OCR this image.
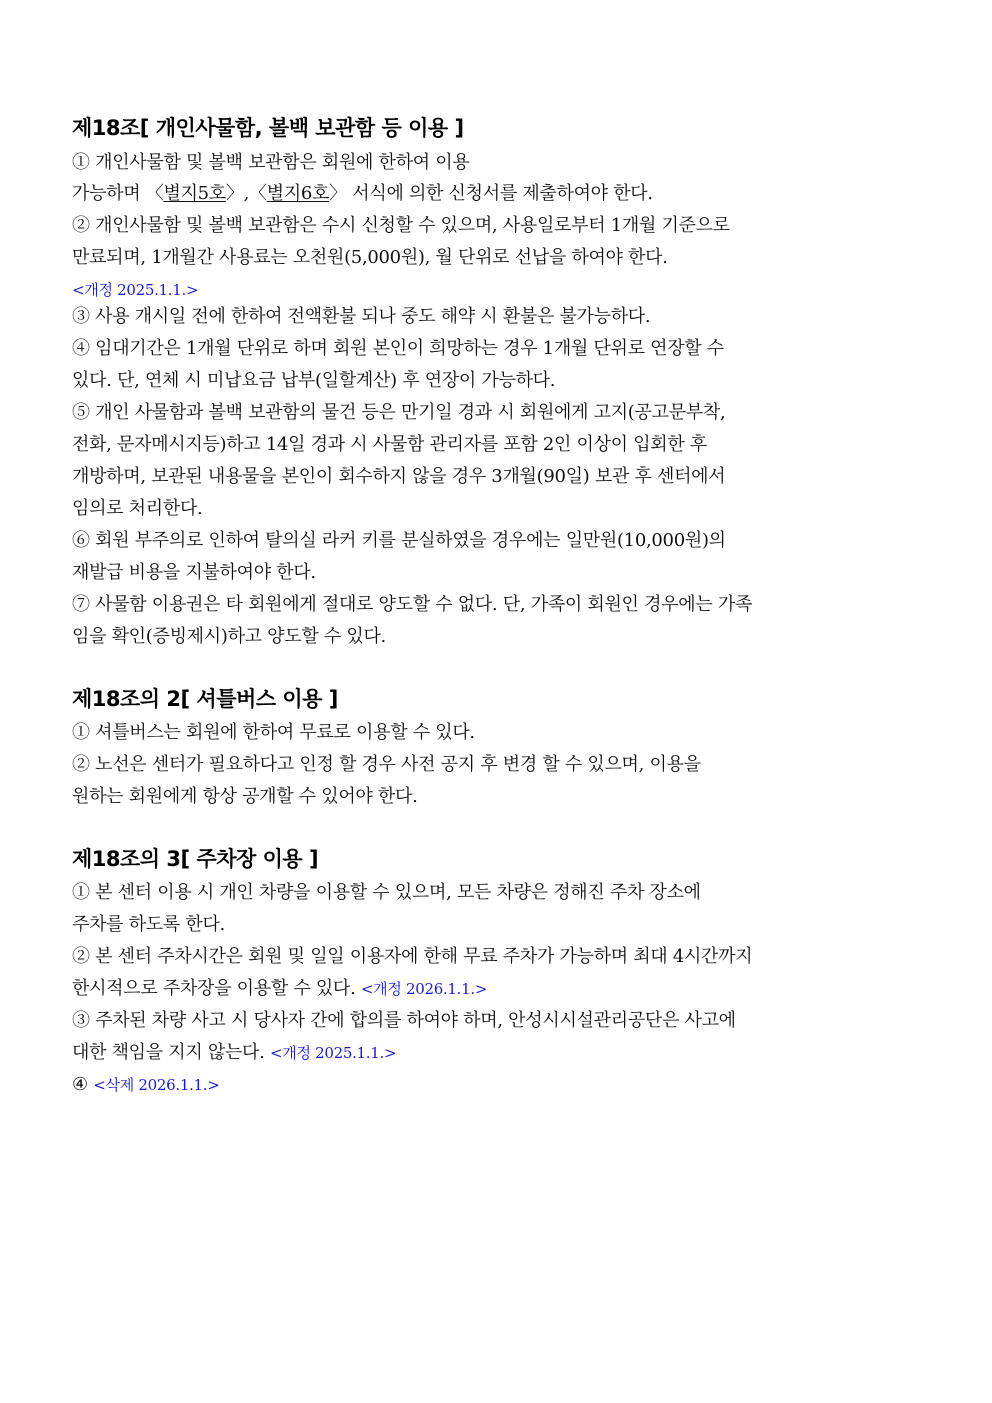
제18조[ 개인사물함, 볼백 보관함 등 이용 ]

① 개인사물함 및 볼백 보관함은 회원에 한하여 이용

가능하며 〈별지5호〉,〈별지6호〉 서식에 의한 신청서를 제출하여야 한다.

② 개인사물함 및 볼백 보관함은 수시 신청할 수 있으며, 사용일로부터 1개월 기준으로

만료되며, 1개월간 사용료는 오천원(5,000원), 월 단위로 선납을 하여야 한다.

<개정 2025.1.1.>

③ 사용 개시일 전에 한하여 전액환불 되나 중도 해약 시 환불은 불가능하다.

④ 임대기간은 1개월 단위로 하며 회원 본인이 희망하는 경우 1개월 단위로 연장할 수

있다. 단, 연체 시 미납요금 납부(일할계산) 후 연장이 가능하다.

⑤ 개인 사물함과 볼백 보관함의 물건 등은 만기일 경과 시 회원에게 고지(공고문부착,

전화, 문자메시지등)하고 14일 경과 시 사물함 관리자를 포함 2인 이상이 입회한 후

개방하며, 보관된 내용물을 본인이 회수하지 않을 경우 3개월(90일) 보관 후 센터에서

임의로 처리한다.

⑥ 회원 부주의로 인하여 탈의실 라커 키를 분실하였을 경우에는 일만원(10,000원)의

재발급 비용을 지불하여야 한다.

⑦ 사물함 이용권은 타 회원에게 절대로 양도할 수 없다. 단, 가족이 회원인 경우에는 가족

임을 확인(증빙제시)하고 양도할 수 있다.

제18조의 2[ 셔틀버스 이용 ]

① 셔틀버스는 회원에 한하여 무료로 이용할 수 있다.

② 노선은 센터가 필요하다고 인정 할 경우 사전 공지 후 변경 할 수 있으며, 이용을

원하는 회원에게 항상 공개할 수 있어야 한다.

제18조의 3[ 주차장 이용 ]

① 본 센터 이용 시 개인 차량을 이용할 수 있으며, 모든 차량은 정해진 주차 장소에

주차를 하도록 한다.

② 본 센터 주차시간은 회원 및 일일 이용자에 한해 무료 주차가 가능하며 최대 4시간까지

한시적으로 주차장을 이용할 수 있다. <개정 2026.1.1.>

③ 주차된 차량 사고 시 당사자 간에 합의를 하여야 하며, 안성시시설관리공단은 사고에

대한 책임을 지지 않는다. <개정 2025.1.1.>

④ <삭제 2026.1.1.>
